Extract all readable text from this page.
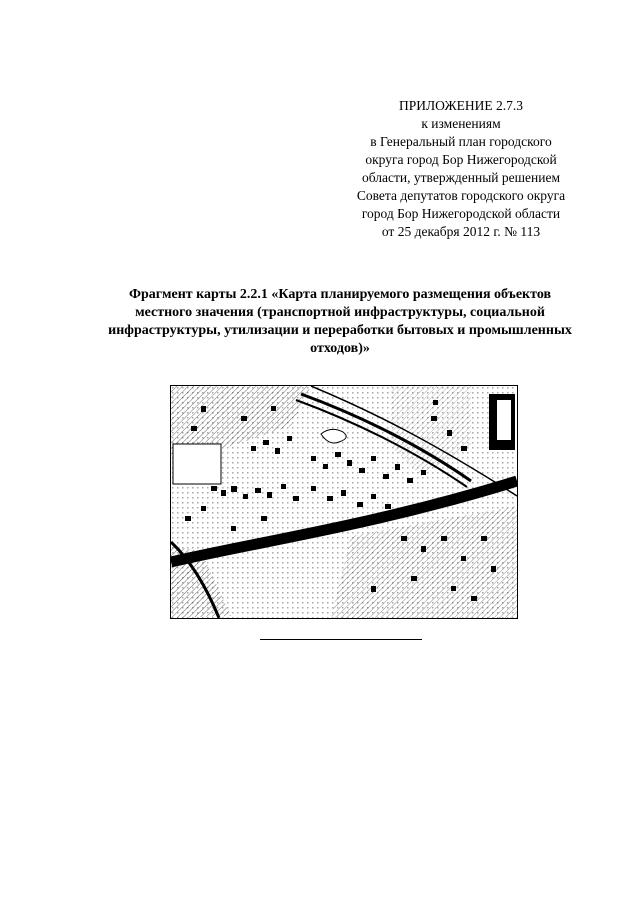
ПРИЛОЖЕНИЕ 2.7.3
к изменениям
в Генеральный план городского
округа город Бор Нижегородской
области, утвержденный решением
Совета депутатов городского округа
город Бор Нижегородской области
от 25 декабря 2012 г. № 113
Фрагмент карты 2.2.1 «Карта планируемого размещения объектов
местного значения (транспортной инфраструктуры, социальной
инфраструктуры, утилизации и переработки бытовых и промышленных
отходов)»
